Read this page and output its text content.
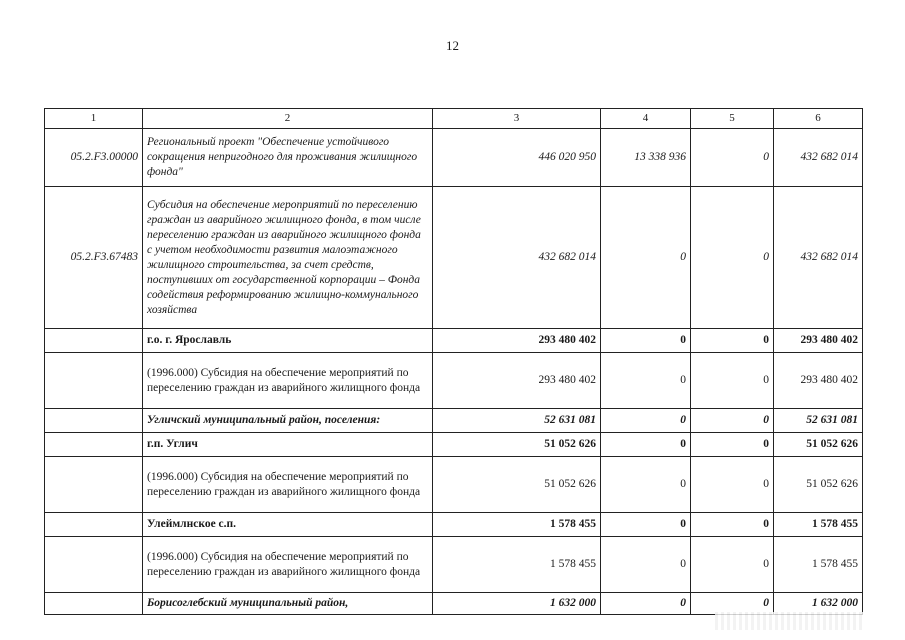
12
1	2	3	4	5	6
05.2.F3.00000	Региональный проект "Обеспечение устойчивого сокращения непригодного для проживания жилищного фонда"	446 020 950	13 338 936	0	432 682 014
05.2.F3.67483	Субсидия на обеспечение мероприятий по переселению граждан из аварийного жилищного фонда, в том числе переселению граждан из аварийного жилищного фонда с учетом необходимости развития малоэтажного жилищного строительства, за счет средств, поступивших от государственной корпорации – Фонда содействия реформированию жилищно-коммунального хозяйства	432 682 014	0	0	432 682 014
	г.о. г. Ярославль	293 480 402	0	0	293 480 402
	(1996.000) Субсидия на обеспечение мероприятий по переселению граждан из аварийного жилищного фонда	293 480 402	0	0	293 480 402
	Угличский муниципальный район, поселения:	52 631 081	0	0	52 631 081
	г.п. Углич	51 052 626	0	0	51 052 626
	(1996.000) Субсидия на обеспечение мероприятий по переселению граждан из аварийного жилищного фонда	51 052 626	0	0	51 052 626
	Улеймлнское с.п.	1 578 455	0	0	1 578 455
	(1996.000) Субсидия на обеспечение мероприятий по переселению граждан из аварийного жилищного фонда	1 578 455	0	0	1 578 455
	Борисоглебский муниципальный район,	1 632 000	0	0	1 632 000
